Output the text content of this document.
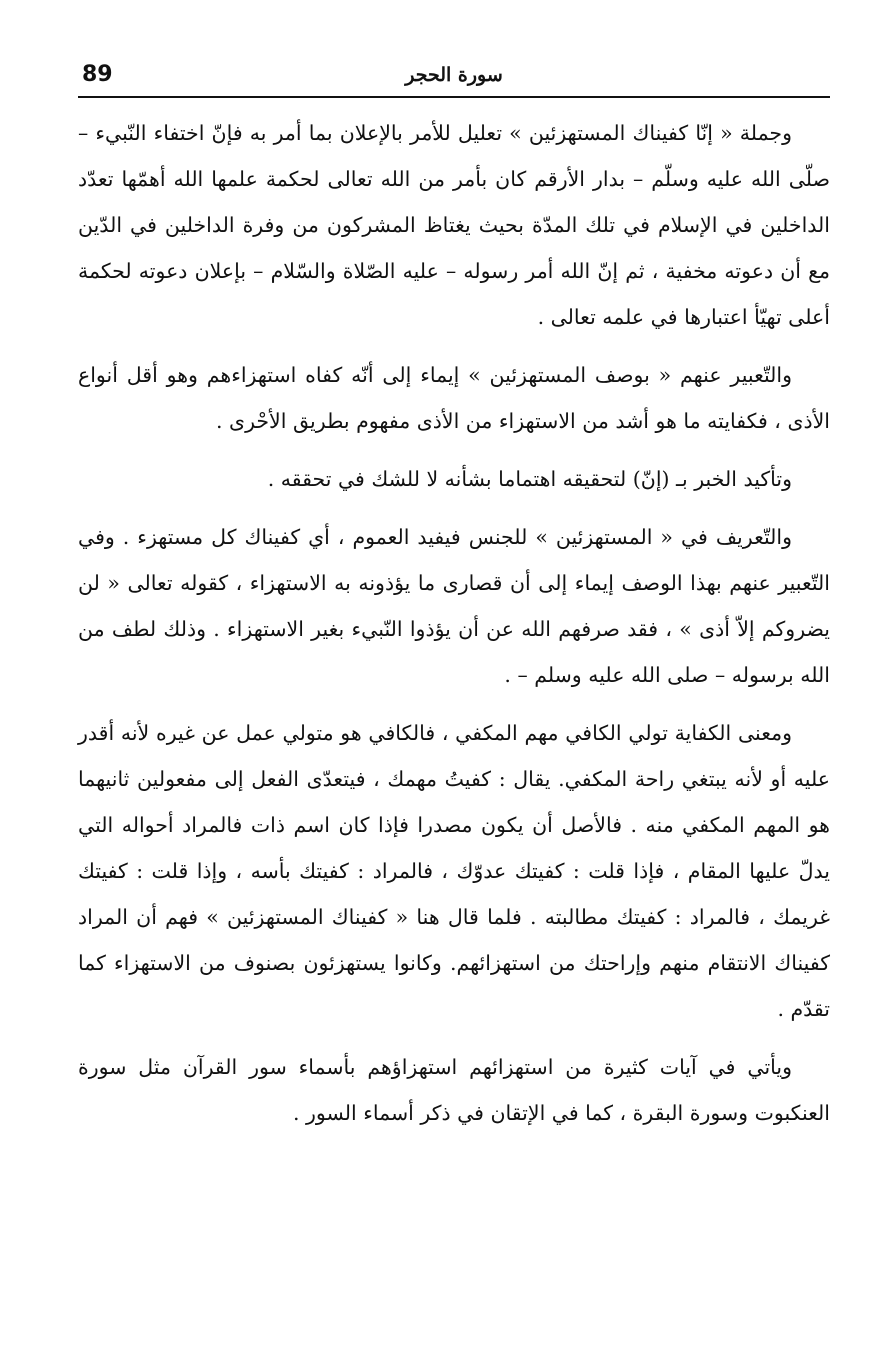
89	سورة الحجر

وجملة « إنّا كفيناك المستهزئين » تعليل للأمر بالإعلان بما أمر به فإنّ اختفاء النّبيء – صلّى الله عليه وسلّم – بدار الأرقم كان بأمر من الله تعالى لحكمة علمها الله أهمّها تعدّد الداخلين في الإسلام في تلك المدّة بحيث يغتاظ المشركون من وفرة الداخلين في الدّين مع أن دعوته مخفية ، ثم إنّ الله أمر رسوله – عليه الصّلاة والسّلام – بإعلان دعوته لحكمة أعلى تهيّأ اعتبارها في علمه تعالى .

والتّعبير عنهم « بوصف المستهزئين » إيماء إلى أنّه كفاه استهزاءهم وهو أقل أنواع الأذى ، فكفايته ما هو أشد من الاستهزاء من الأذى مفهوم بطريق الأحْرى .

وتأكيد الخبر بـ (إنّ) لتحقيقه اهتماما بشأنه لا للشك في تحققه .

والتّعريف في « المستهزئين » للجنس فيفيد العموم ، أي كفيناك كل مستهزء . وفي التّعبير عنهم بهذا الوصف إيماء إلى أن قصارى ما يؤذونه به الاستهزاء ، كقوله تعالى « لن يضروكم إلاّ أذى » ، فقد صرفهم الله عن أن يؤذوا النّبيء بغير الاستهزاء . وذلك لطف من الله برسوله – صلى الله عليه وسلم – .

ومعنى الكفاية تولي الكافي مهم المكفي ، فالكافي هو متولي عمل عن غيره لأنه أقدر عليه أو لأنه يبتغي راحة المكفي. يقال : كفيتُ مهمك ، فيتعدّى الفعل إلى مفعولين ثانيهما هو المهم المكفي منه . فالأصل أن يكون مصدرا فإذا كان اسم ذات فالمراد أحواله التي يدلّ عليها المقام ، فإذا قلت : كفيتك عدوّك ، فالمراد : كفيتك بأسه ، وإذا قلت : كفيتك غريمك ، فالمراد : كفيتك مطالبته . فلما قال هنا « كفيناك المستهزئين » فهم أن المراد كفيناك الانتقام منهم وإراحتك من استهزائهم. وكانوا يستهزئون بصنوف من الاستهزاء كما تقدّم .

ويأتي في آيات كثيرة من استهزائهم استهزاؤهم بأسماء سور القرآن مثل سورة العنكبوت وسورة البقرة ، كما في الإتقان في ذكر أسماء السور .
